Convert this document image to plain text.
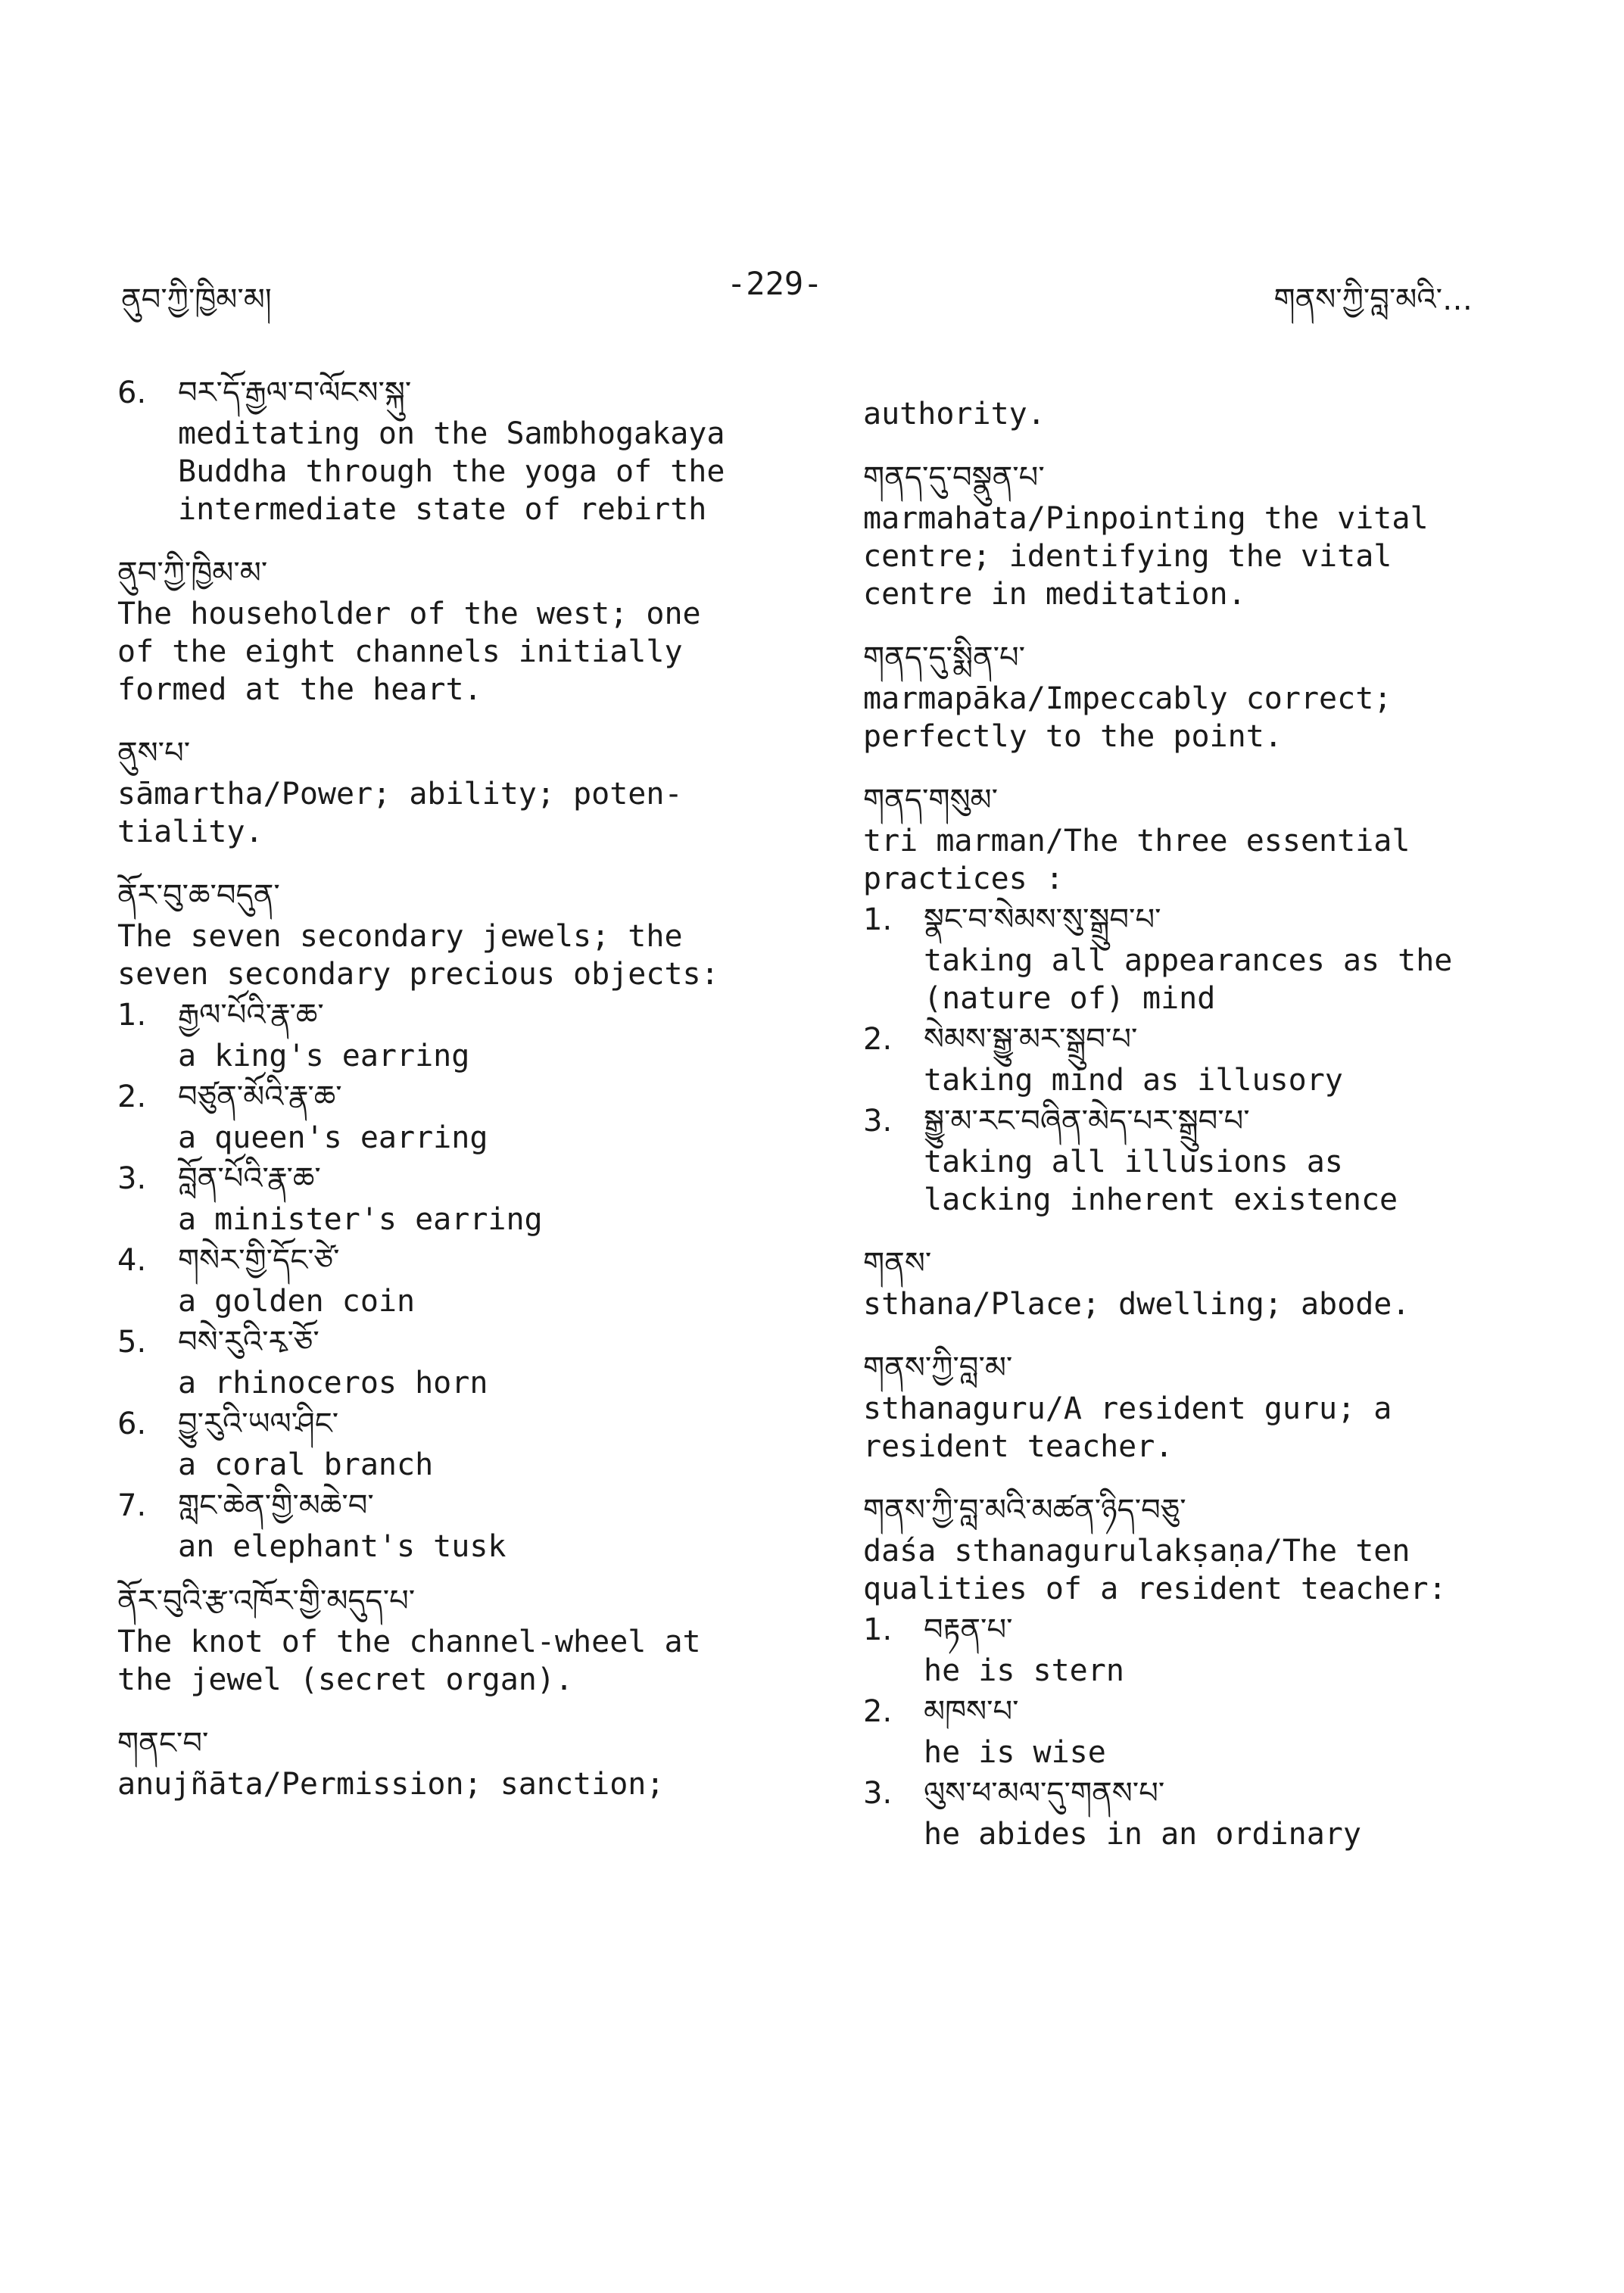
ནུབ་ཀྱི་ཁྱིམ་མ།	-229-	གནས་ཀྱི་བླ་མའི་…
6. བར་དོ་རྒྱལ་བ་ལོངས་སྐུ་
meditating on the Sambhogakaya
Buddha through the yoga of the
intermediate state of rebirth
ནུབ་ཀྱི་ཁྱིམ་མ་
The householder of the west; one
of the eight channels initially
formed at the heart.
ནུས་པ་
sāmartha/Power; ability; poten-
tiality.
ནོར་བུ་ཆ་བདུན་
The seven secondary jewels; the
seven secondary precious objects:
1. རྒྱལ་པོའི་རྣ་ཆ་
a king's earring
2. བཙུན་མོའི་རྣ་ཆ་
a queen's earring
3. བློན་པོའི་རྣ་ཆ་
a minister's earring
4. གསེར་གྱི་དོང་ཙེ་
a golden coin
5. བསེ་རུའི་རྭ་ཅོ་
a rhinoceros horn
6. བྱུ་རུའི་ཡལ་ཤིང་
a coral branch
7. གླང་ཆེན་གྱི་མཆེ་བ་
an elephant's tusk
ནོར་བུའི་རྩ་འཁོར་གྱི་མདུད་པ་
The knot of the channel-wheel at
the jewel (secret organ).
གནང་བ་
anujñāta/Permission; sanction;
authority.
གནད་དུ་བསྣུན་པ་
marmahata/Pinpointing the vital
centre; identifying the vital
centre in meditation.
གནད་དུ་སྨིན་པ་
marmapāka/Impeccably correct;
perfectly to the point.
གནད་གསུམ་
tri marman/The three essential
practices :
1. སྣང་བ་སེམས་སུ་སྒྲུབ་པ་
taking all appearances as the
(nature of) mind
2. སེམས་སྒྱུ་མར་སྒྲུབ་པ་
taking mind as illusory
3. སྒྱུ་མ་རང་བཞིན་མེད་པར་སྒྲུབ་པ་
taking all illusions as
lacking inherent existence
གནས་
sthana/Place; dwelling; abode.
གནས་ཀྱི་བླ་མ་
sthanaguru/A resident guru; a
resident teacher.
གནས་ཀྱི་བླ་མའི་མཚན་ཉིད་བཅུ་
daśa sthanagurulakṣaṇa/The ten
qualities of a resident teacher:
1. བརྟན་པ་
he is stern
2. མཁས་པ་
he is wise
3. ལུས་ཕ་མལ་དུ་གནས་པ་
he abides in an ordinary
